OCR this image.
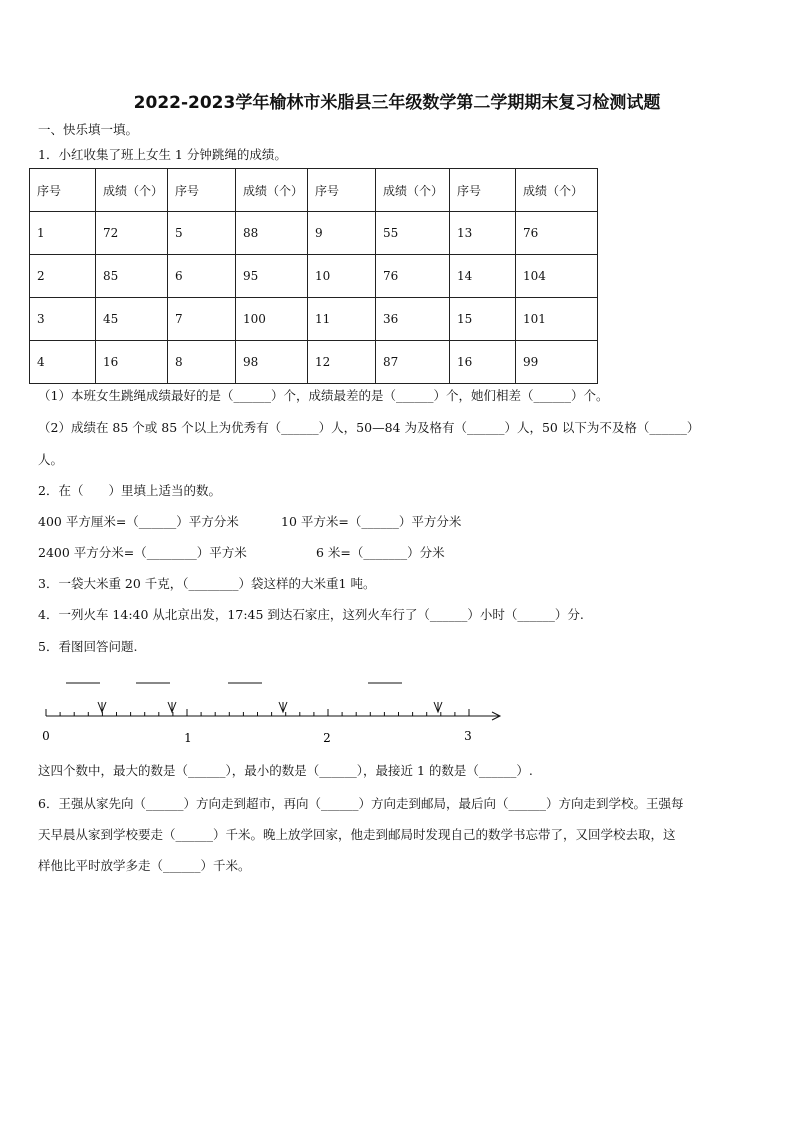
2022-2023学年榆林市米脂县三年级数学第二学期期末复习检测试题
一、快乐填一填。
1．小红收集了班上女生 1 分钟跳绳的成绩。
序号	成绩（个）	序号	成绩（个）	序号	成绩（个）	序号	成绩（个）
1	72	5	88	9	55	13	76
2	85	6	95	10	76	14	104
3	45	7	100	11	36	15	101
4	16	8	98	12	87	16	99
（1）本班女生跳绳成绩最好的是（______）个，成绩最差的是（______）个，她们相差（______）个。
（2）成绩在 85 个或 85 个以上为优秀有（______）人，50—84 为及格有（______）人，50 以下为不及格（______）
人。
2．在（　　）里填上适当的数。
400 平方厘米=（______）平方分米	10 平方米=（______）平方分米
2400 平方分米=（________）平方米	6 米=（_______）分米
3．一袋大米重 20 千克，（________）袋这样的大米重1 吨。
4．一列火车 14:40 从北京出发，17:45 到达石家庄，这列火车行了（______）小时（______）分.
5．看图回答问题.
0	1	2	3
这四个数中，最大的数是（______），最小的数是（______），最接近 1 的数是（______）.
6．王强从家先向（______）方向走到超市，再向（______）方向走到邮局，最后向（______）方向走到学校。王强每
天早晨从家到学校要走（______）千米。晚上放学回家，他走到邮局时发现自己的数学书忘带了，又回学校去取，这
样他比平时放学多走（______）千米。
